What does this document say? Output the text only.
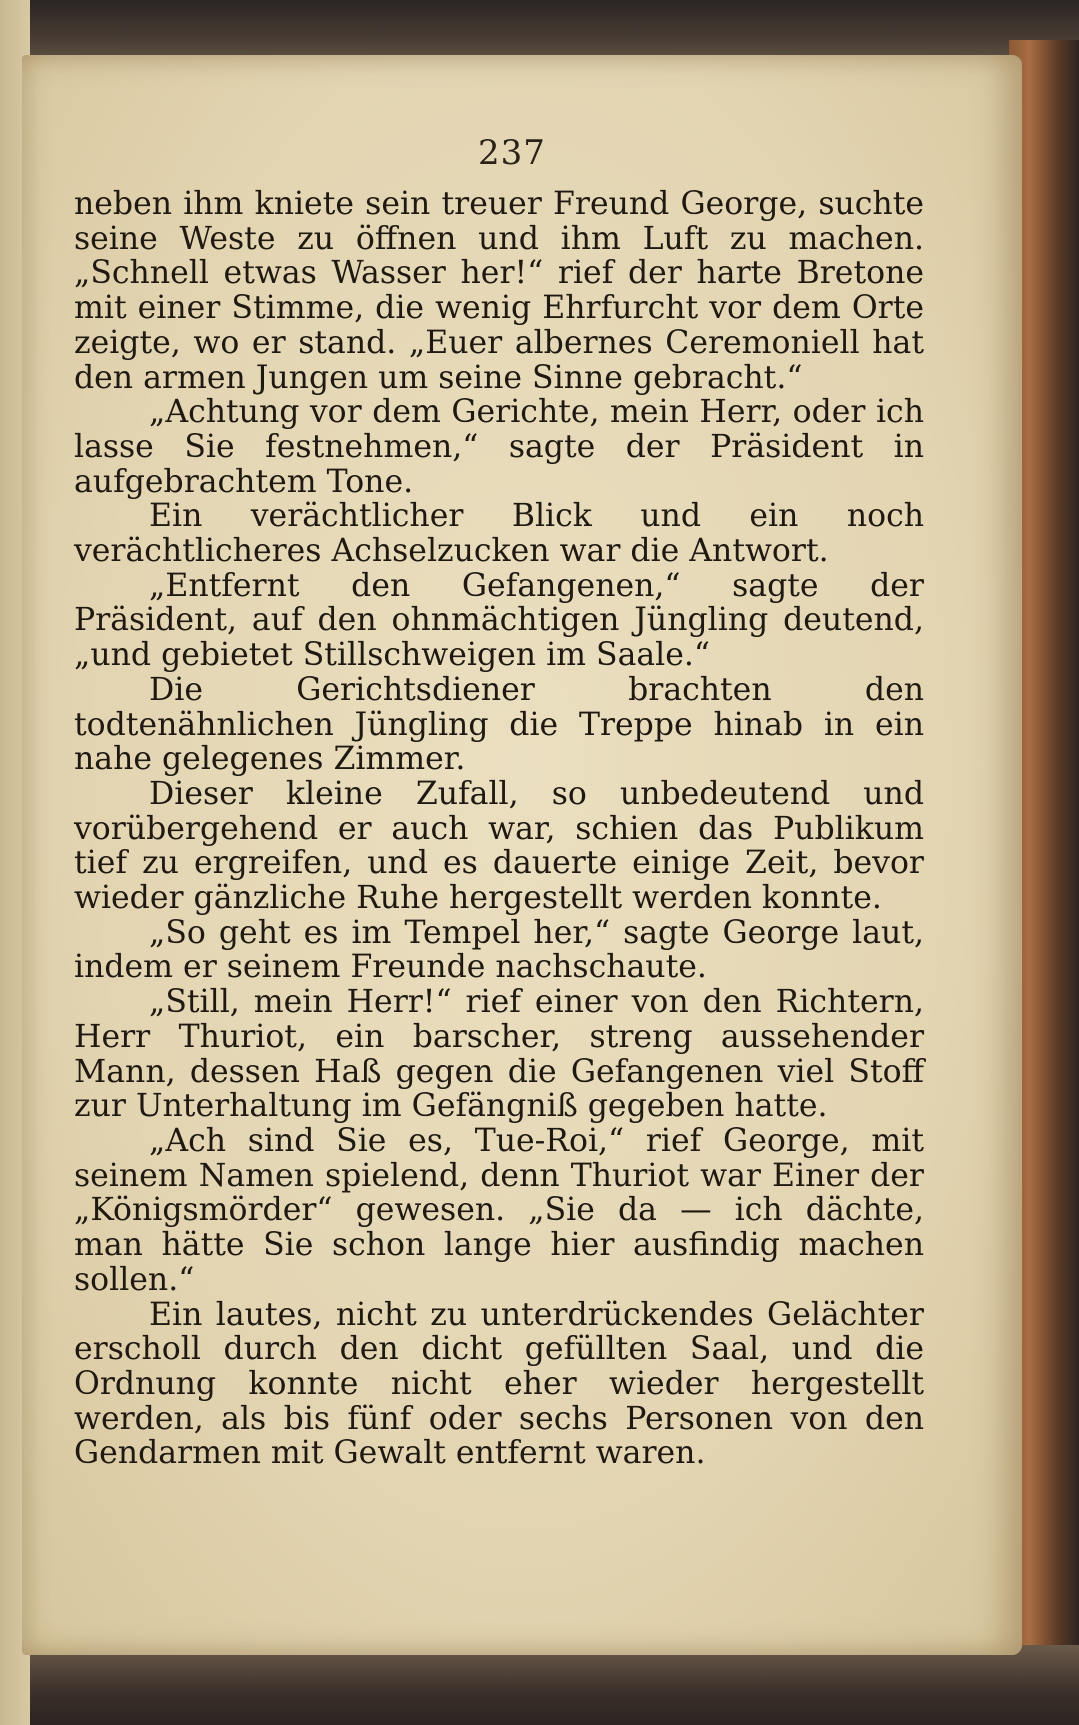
237

neben ihm kniete sein treuer Freund George, suchte seine Weste zu öffnen und ihm Luft zu machen. „Schnell etwas Wasser her!“ rief der harte Bretone mit einer Stimme, die wenig Ehrfurcht vor dem Orte zeigte, wo er stand. „Euer albernes Ceremoniell hat den armen Jungen um seine Sinne gebracht.“

„Achtung vor dem Gerichte, mein Herr, oder ich lasse Sie festnehmen,“ sagte der Präsident in aufgebrachtem Tone.

Ein verächtlicher Blick und ein noch verächtlicheres Achselzucken war die Antwort.

„Entfernt den Gefangenen,“ sagte der Präsident, auf den ohnmächtigen Jüngling deutend, „und gebietet Stillschweigen im Saale.“

Die Gerichtsdiener brachten den todtenähnlichen Jüngling die Treppe hinab in ein nahe gelegenes Zimmer.

Dieser kleine Zufall, so unbedeutend und vorübergehend er auch war, schien das Publikum tief zu ergreifen, und es dauerte einige Zeit, bevor wieder gänzliche Ruhe hergestellt werden konnte.

„So geht es im Tempel her,“ sagte George laut, indem er seinem Freunde nachschaute.

„Still, mein Herr!“ rief einer von den Richtern, Herr Thuriot, ein barscher, streng aussehender Mann, dessen Haß gegen die Gefangenen viel Stoff zur Unterhaltung im Gefängniß gegeben hatte.

„Ach sind Sie es, Tue-Roi,“ rief George, mit seinem Namen spielend, denn Thuriot war Einer der „Königsmörder“ gewesen. „Sie da — ich dächte, man hätte Sie schon lange hier ausfindig machen sollen.“

Ein lautes, nicht zu unterdrückendes Gelächter erscholl durch den dicht gefüllten Saal, und die Ordnung konnte nicht eher wieder hergestellt werden, als bis fünf oder sechs Personen von den Gendarmen mit Gewalt entfernt waren.
